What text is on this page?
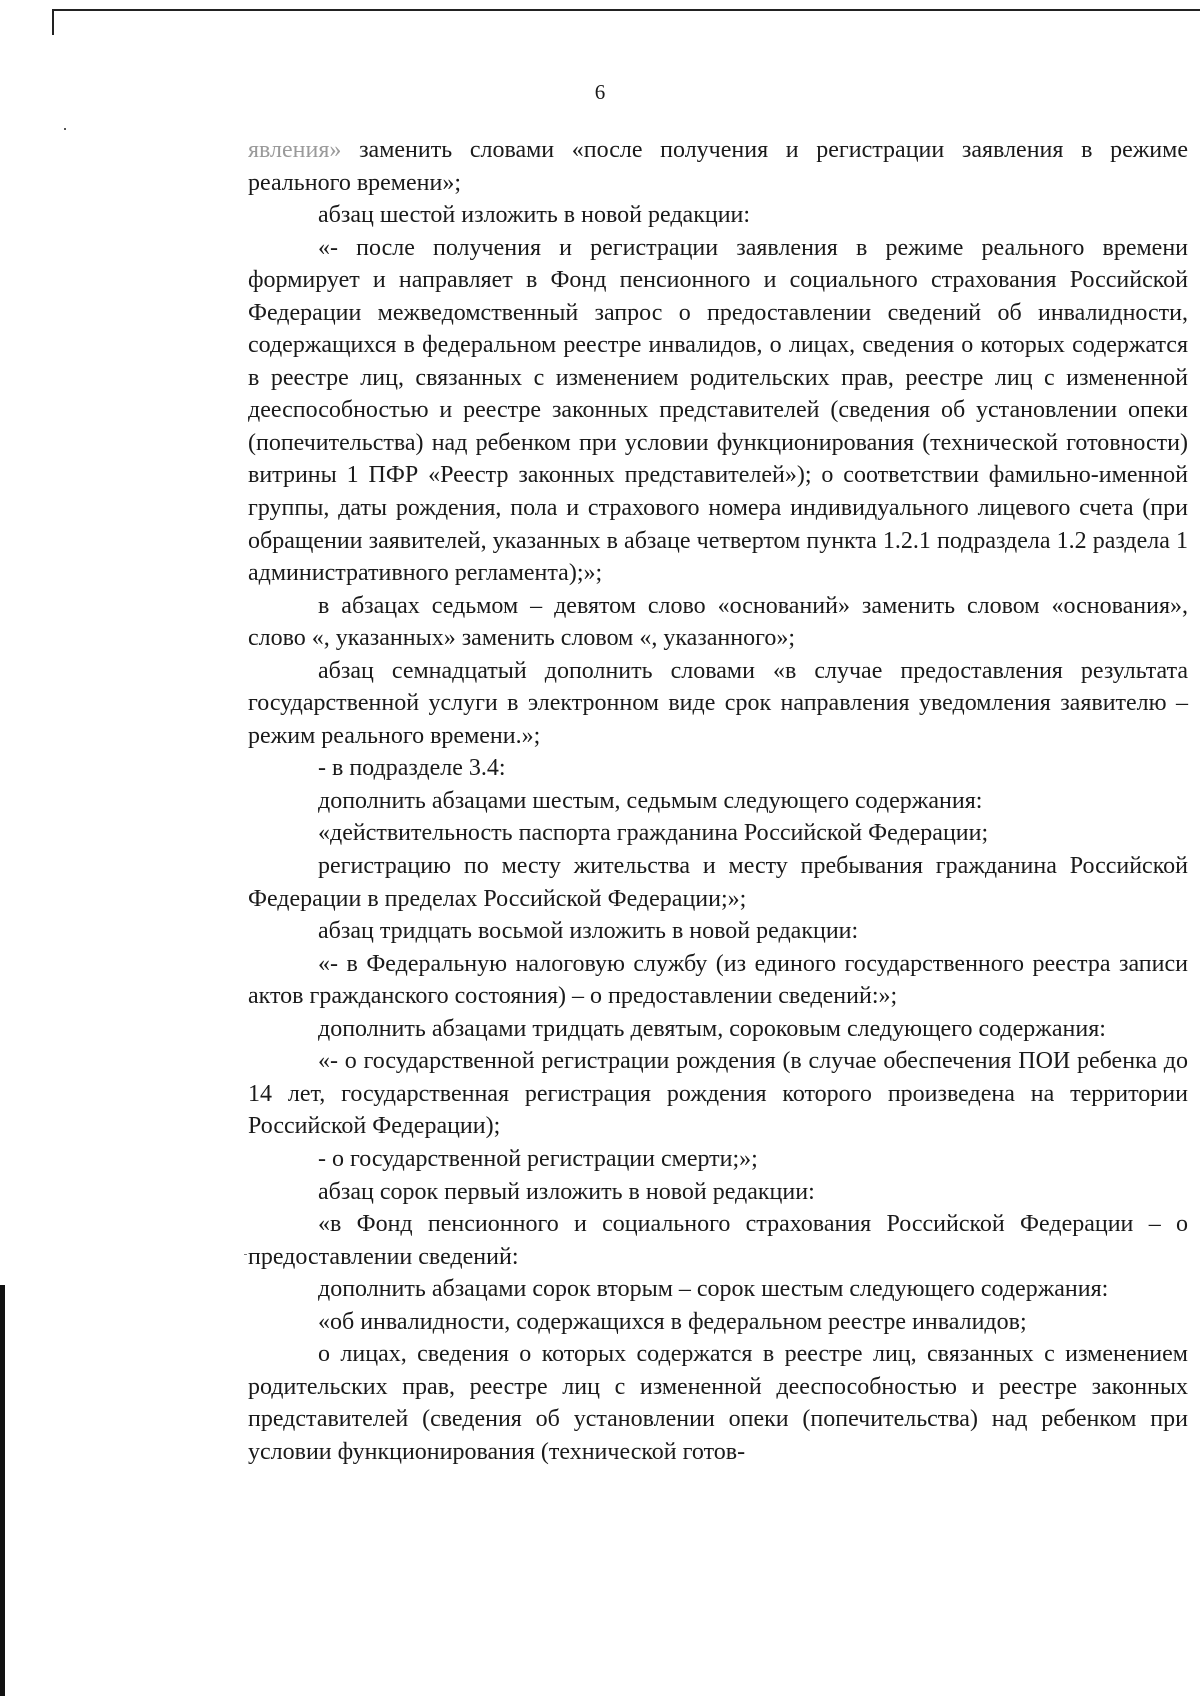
6

явления» заменить словами «после получения и регистрации заявления в режиме реального времени»;

абзац шестой изложить в новой редакции:

«- после получения и регистрации заявления в режиме реального времени формирует и направляет в Фонд пенсионного и социального страхования Российской Федерации межведомственный запрос о предоставлении сведений об инвалидности, содержащихся в федеральном реестре инвалидов, о лицах, сведения о которых содержатся в реестре лиц, связанных с изменением родительских прав, реестре лиц с измененной дееспособностью и реестре законных представителей (сведения об установлении опеки (попечительства) над ребенком при условии функционирования (технической готовности) витрины 1 ПФР «Реестр законных представителей»); о соответствии фамильно-именной группы, даты рождения, пола и страхового номера индивидуального лицевого счета (при обращении заявителей, указанных в абзаце четвертом пункта 1.2.1 подраздела 1.2 раздела 1 административного регламента);»;

в абзацах седьмом – девятом слово «оснований» заменить словом «основания», слово «, указанных» заменить словом «, указанного»;

абзац семнадцатый дополнить словами «в случае предоставления результата государственной услуги в электронном виде срок направления уведомления заявителю – режим реального времени.»;

- в подразделе 3.4:

дополнить абзацами шестым, седьмым следующего содержания:

«действительность паспорта гражданина Российской Федерации;

регистрацию по месту жительства и месту пребывания гражданина Российской Федерации в пределах Российской Федерации;»;

абзац тридцать восьмой изложить в новой редакции:

«- в Федеральную налоговую службу (из единого государственного реестра записи актов гражданского состояния) – о предоставлении сведений:»;

дополнить абзацами тридцать девятым, сороковым следующего содержания:

«- о государственной регистрации рождения (в случае обеспечения ПОИ ребенка до 14 лет, государственная регистрация рождения которого произведена на территории Российской Федерации);

- о государственной регистрации смерти;»;

абзац сорок первый изложить в новой редакции:

«в Фонд пенсионного и социального страхования Российской Федерации – о предоставлении сведений:

дополнить абзацами сорок вторым – сорок шестым следующего содержания:

«об инвалидности, содержащихся в федеральном реестре инвалидов;

о лицах, сведения о которых содержатся в реестре лиц, связанных с изменением родительских прав, реестре лиц с измененной дееспособностью и реестре законных представителей (сведения об установлении опеки (попечительства) над ребенком при условии функционирования (технической готов-
